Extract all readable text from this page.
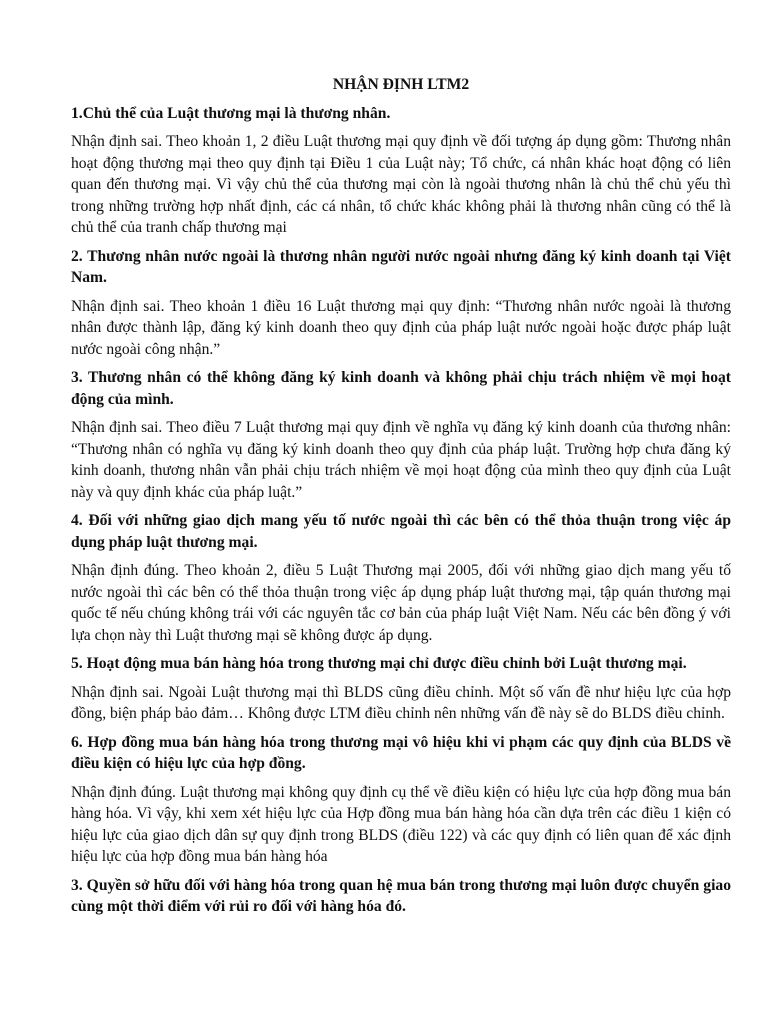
NHẬN ĐỊNH LTM2

1.Chủ thể của Luật thương mại là thương nhân.

Nhận định sai. Theo khoản 1, 2 điều Luật thương mại quy định về đối tượng áp dụng gồm: Thương nhân hoạt động thương mại theo quy định tại Điều 1 của Luật này; Tổ chức, cá nhân khác hoạt động có liên quan đến thương mại. Vì vậy chủ thể của thương mại còn là ngoài thương nhân là chủ thể chủ yếu thì trong những trường hợp nhất định, các cá nhân, tổ chức khác không phải là thương nhân cũng có thể là chủ thể của tranh chấp thương mại

2. Thương nhân nước ngoài là thương nhân người nước ngoài nhưng đăng ký kinh doanh tại Việt Nam.

Nhận định sai. Theo khoản 1 điều 16 Luật thương mại quy định: “Thương nhân nước ngoài là thương nhân được thành lập, đăng ký kinh doanh theo quy định của pháp luật nước ngoài hoặc được pháp luật nước ngoài công nhận.”

3. Thương nhân có thể không đăng ký kinh doanh và không phải chịu trách nhiệm về mọi hoạt động của mình.

Nhận định sai. Theo điều 7 Luật thương mại quy định về nghĩa vụ đăng ký kinh doanh của thương nhân: “Thương nhân có nghĩa vụ đăng ký kinh doanh theo quy định của pháp luật. Trường hợp chưa đăng ký kinh doanh, thương nhân vẫn phải chịu trách nhiệm về mọi hoạt động của mình theo quy định của Luật này và quy định khác của pháp luật.”

4. Đối với những giao dịch mang yếu tố nước ngoài thì các bên có thể thỏa thuận trong việc áp dụng pháp luật thương mại.

Nhận định đúng. Theo khoản 2, điều 5 Luật Thương mại 2005, đối với những giao dịch mang yếu tố nước ngoài thì các bên có thể thỏa thuận trong việc áp dụng pháp luật thương mại, tập quán thương mại quốc tế nếu chúng không trái với các nguyên tắc cơ bản của pháp luật Việt Nam. Nếu các bên đồng ý với lựa chọn này thì Luật thương mại sẽ không được áp dụng.

5. Hoạt động mua bán hàng hóa trong thương mại chỉ được điều chỉnh bởi Luật thương mại.

Nhận định sai. Ngoài Luật thương mại thì BLDS cũng điều chỉnh. Một số vấn đề như hiệu lực của hợp đồng, biện pháp bảo đảm… Không được LTM điều chỉnh nên những vấn đề này sẽ do BLDS điều chỉnh.

6. Hợp đồng mua bán hàng hóa trong thương mại vô hiệu khi vi phạm các quy định của BLDS về điều kiện có hiệu lực của hợp đồng.

Nhận định đúng. Luật thương mại không quy định cụ thể về điều kiện có hiệu lực của hợp đồng mua bán hàng hóa. Vì vậy, khi xem xét hiệu lực của Hợp đồng mua bán hàng hóa cần dựa trên các điều 1 kiện có hiệu lực của giao dịch dân sự quy định trong BLDS (điều 122) và các quy định có liên quan để xác định hiệu lực của hợp đồng mua bán hàng hóa

3. Quyền sở hữu đối với hàng hóa trong quan hệ mua bán trong thương mại luôn được chuyển giao cùng một thời điểm với rủi ro đối với hàng hóa đó.
